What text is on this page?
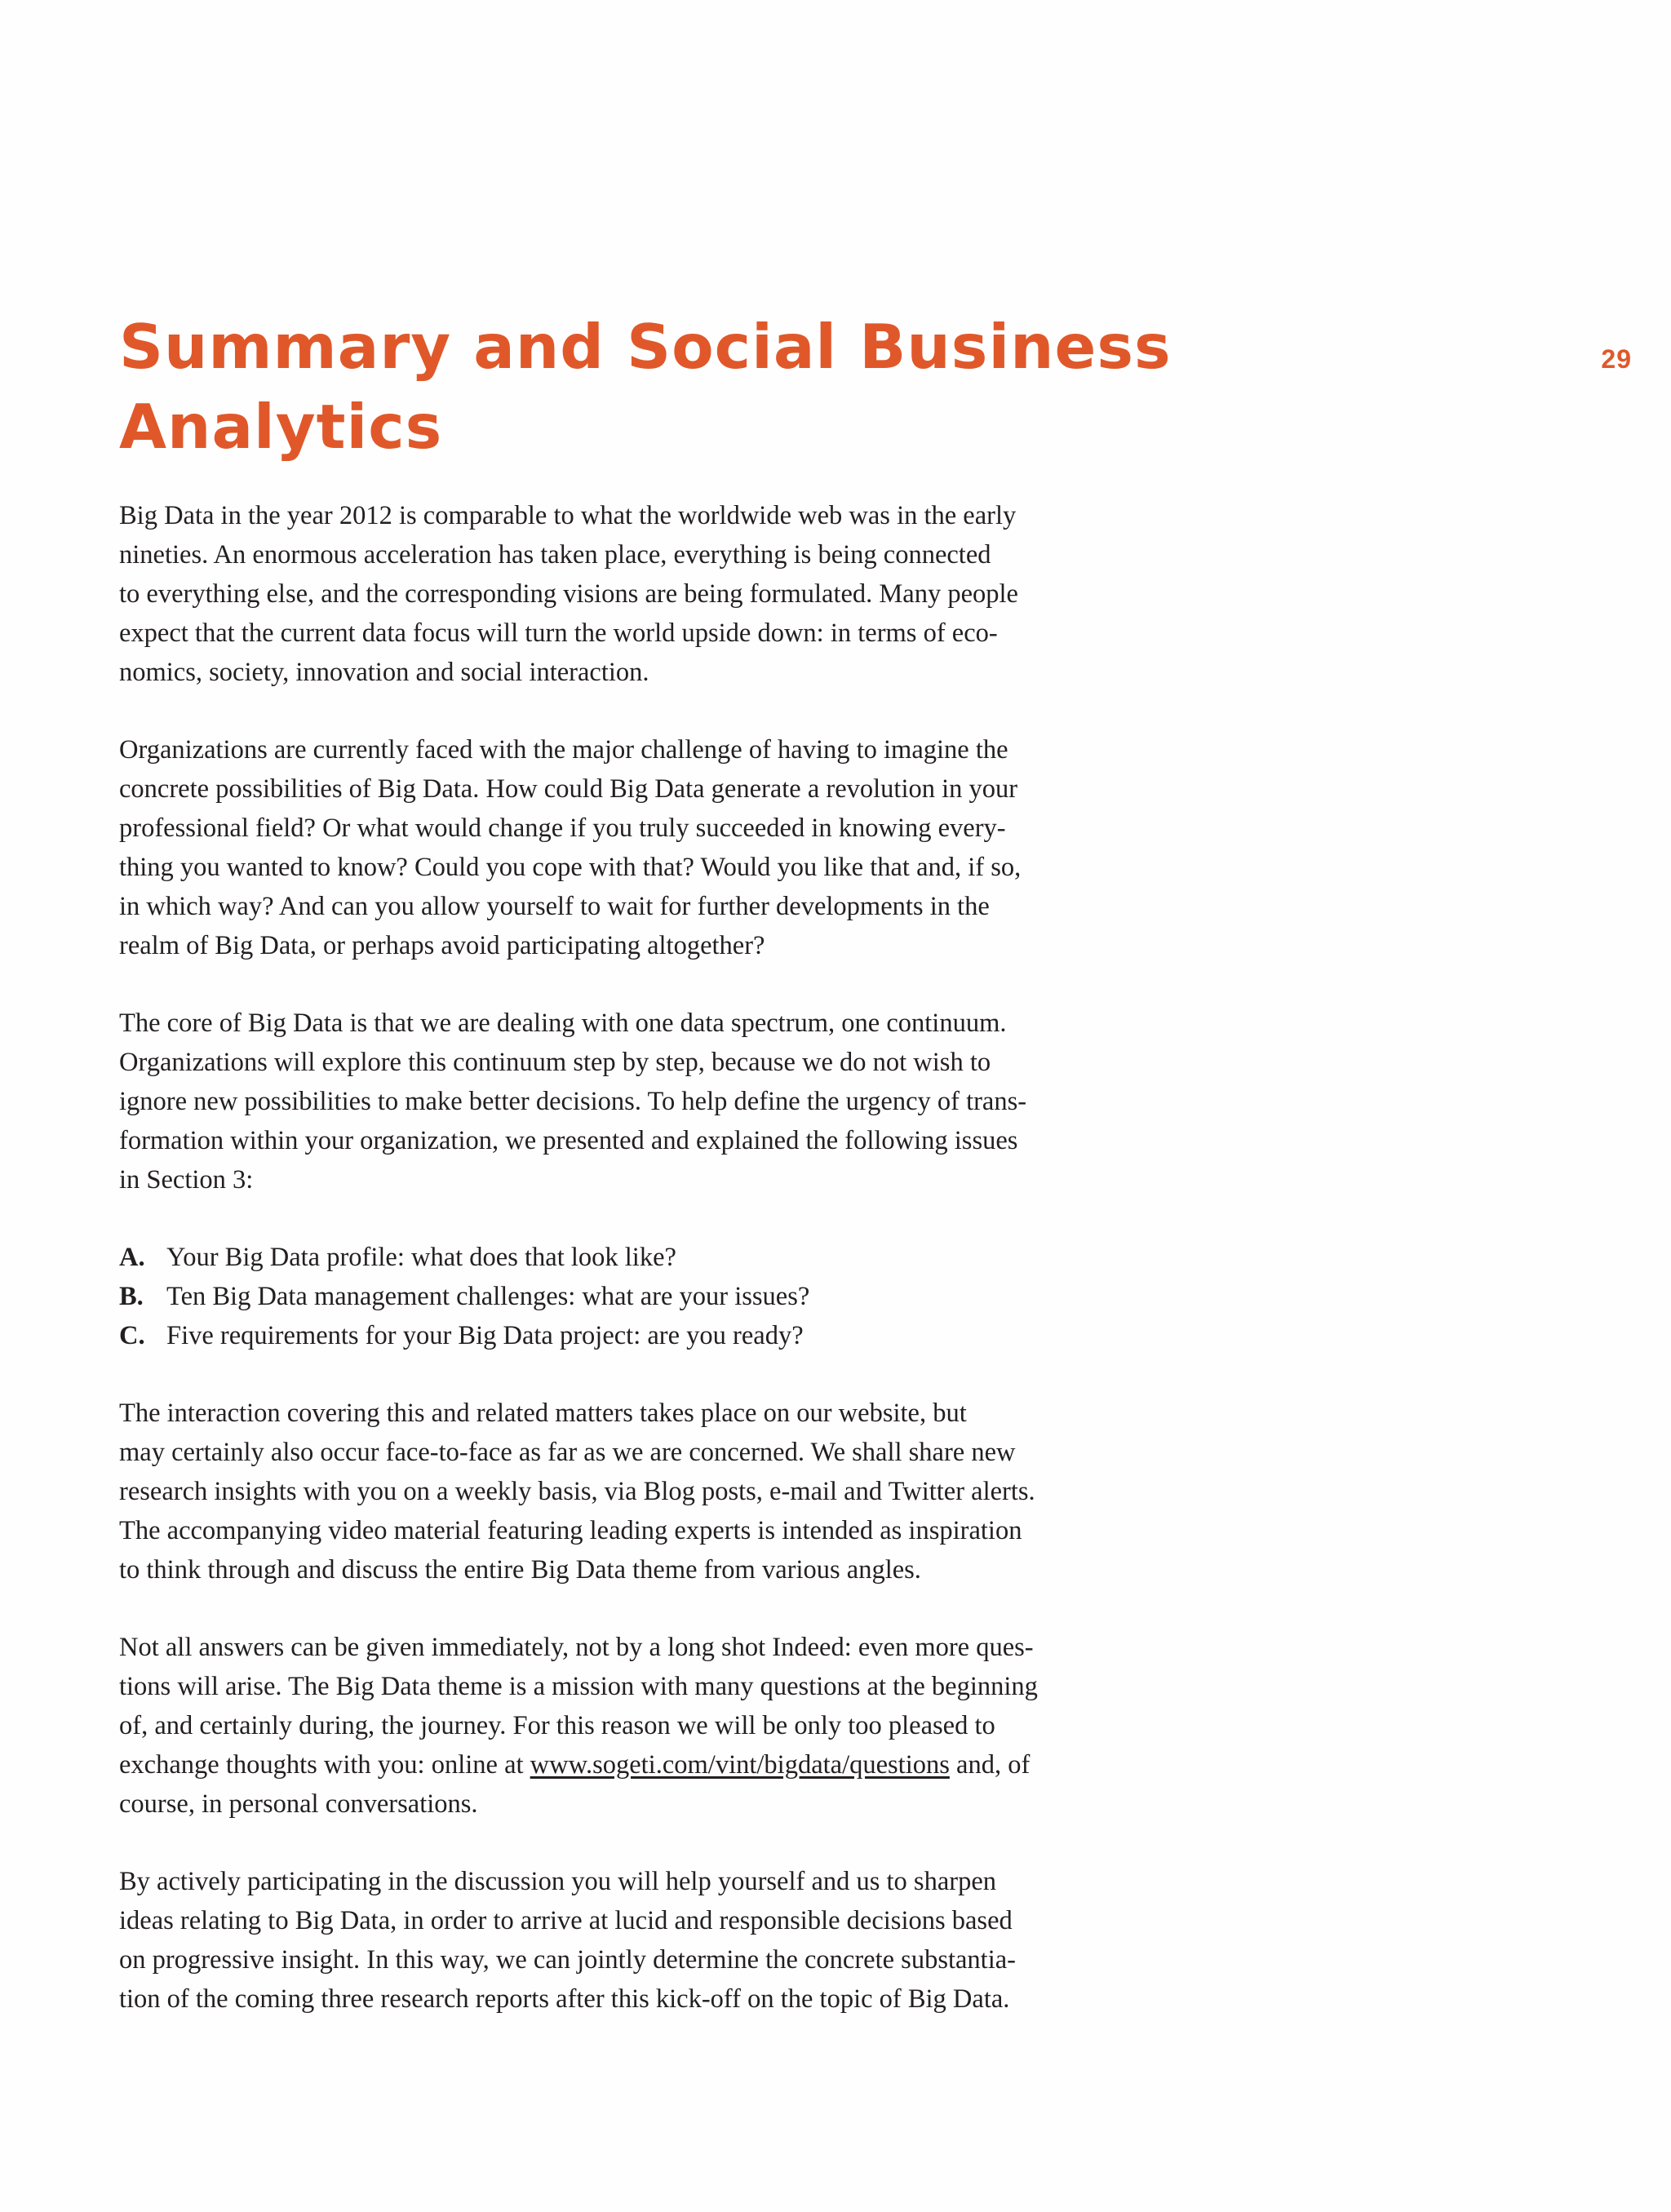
29
Summary and Social Business
Analytics

Big Data in the year 2012 is comparable to what the worldwide web was in the early
nineties. An enormous acceleration has taken place, everything is being connected
to everything else, and the corresponding visions are being formulated. Many people
expect that the current data focus will turn the world upside down: in terms of eco-
nomics, society, innovation and social interaction.

Organizations are currently faced with the major challenge of having to imagine the
concrete possibilities of Big Data. How could Big Data generate a revolution in your
professional field? Or what would change if you truly succeeded in knowing every-
thing you wanted to know? Could you cope with that? Would you like that and, if so,
in which way? And can you allow yourself to wait for further developments in the
realm of Big Data, or perhaps avoid participating altogether?

The core of Big Data is that we are dealing with one data spectrum, one continuum.
Organizations will explore this continuum step by step, because we do not wish to
ignore new possibilities to make better decisions. To help define the urgency of trans-
formation within your organization, we presented and explained the following issues
in Section 3:

A. Your Big Data profile: what does that look like?
B. Ten Big Data management challenges: what are your issues?
C. Five requirements for your Big Data project: are you ready?

The interaction covering this and related matters takes place on our website, but
may certainly also occur face-to-face as far as we are concerned. We shall share new
research insights with you on a weekly basis, via Blog posts, e-mail and Twitter alerts.
The accompanying video material featuring leading experts is intended as inspiration
to think through and discuss the entire Big Data theme from various angles.

Not all answers can be given immediately, not by a long shot Indeed: even more ques-
tions will arise. The Big Data theme is a mission with many questions at the beginning
of, and certainly during, the journey. For this reason we will be only too pleased to
exchange thoughts with you: online at www.sogeti.com/vint/bigdata/questions and, of
course, in personal conversations.

By actively participating in the discussion you will help yourself and us to sharpen
ideas relating to Big Data, in order to arrive at lucid and responsible decisions based
on progressive insight. In this way, we can jointly determine the concrete substantia-
tion of the coming three research reports after this kick-off on the topic of Big Data.
